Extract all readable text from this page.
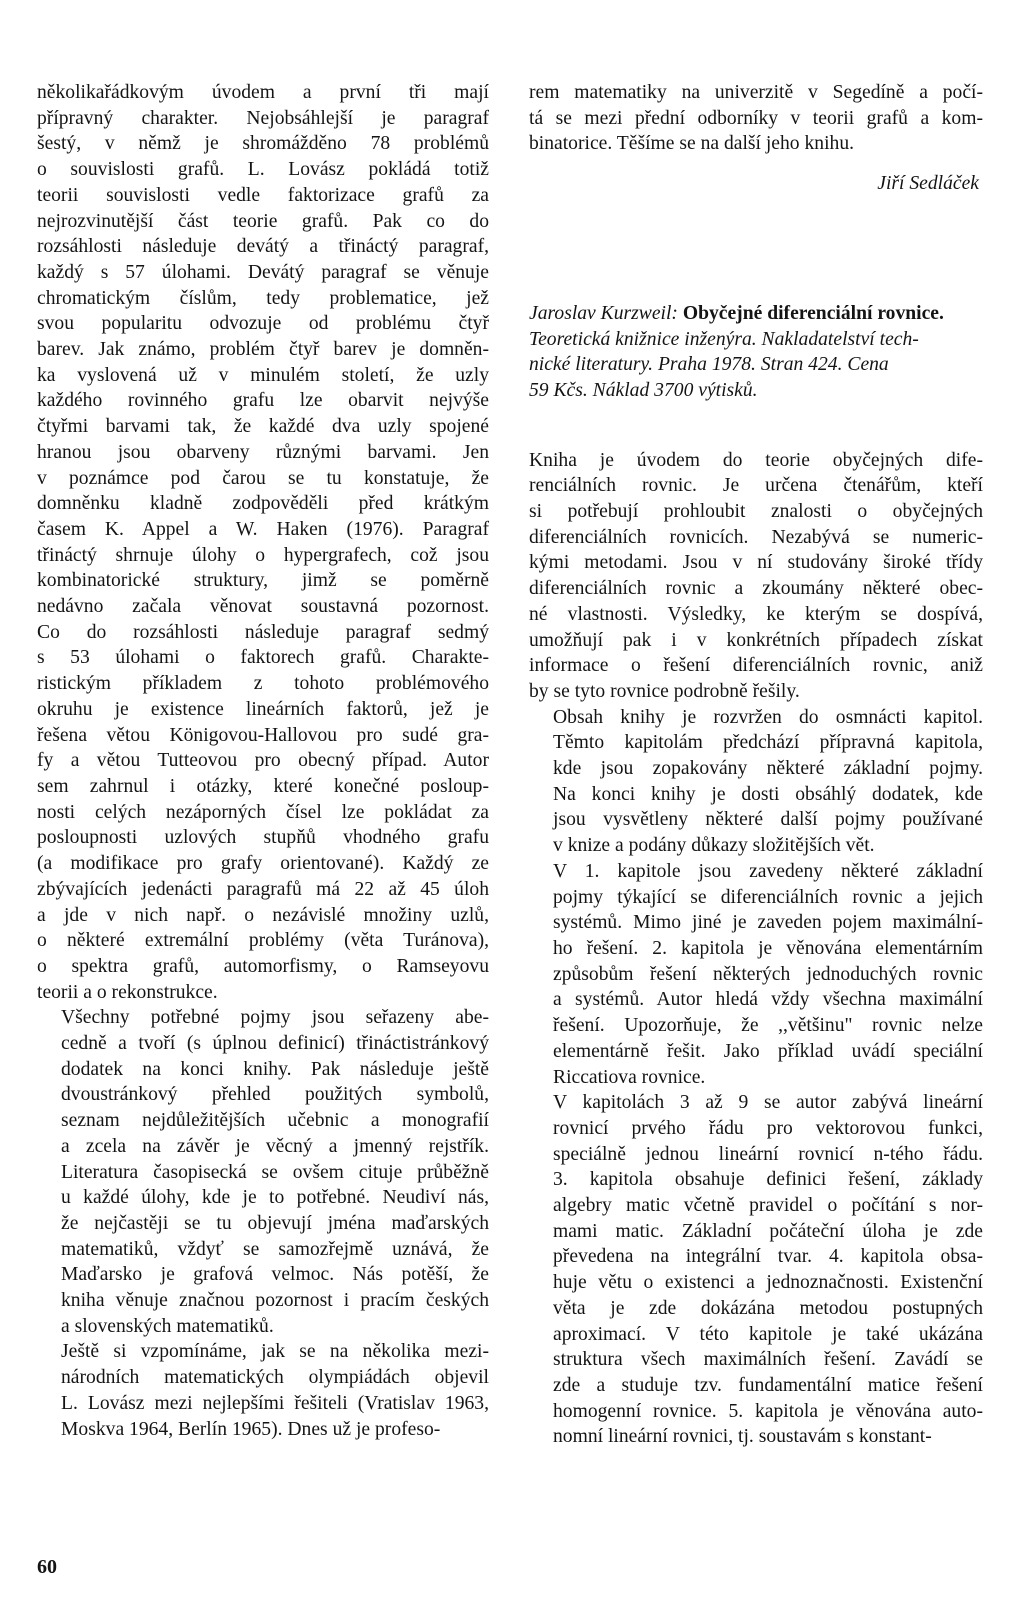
několikařádkovým úvodem a první tři mají
přípravný charakter. Nejobsáhlejší je paragraf
šestý, v němž je shromážděno 78 problémů
o souvislosti grafů. L. Lovász pokládá totiž
teorii souvislosti vedle faktorizace grafů za
nejrozvinutější část teorie grafů. Pak co do
rozsáhlosti následuje devátý a třináctý paragraf,
každý s 57 úlohami. Devátý paragraf se věnuje
chromatickým číslům, tedy problematice, jež
svou popularitu odvozuje od problému čtyř
barev. Jak známo, problém čtyř barev je domněn-
ka vyslovená už v minulém století, že uzly
každého rovinného grafu lze obarvit nejvýše
čtyřmi barvami tak, že každé dva uzly spojené
hranou jsou obarveny různými barvami. Jen
v poznámce pod čarou se tu konstatuje, že
domněnku kladně zodpověděli před krátkým
časem K. Appel a W. Haken (1976). Paragraf
třináctý shrnuje úlohy o hypergrafech, což jsou
kombinatorické struktury, jimž se poměrně
nedávno začala věnovat soustavná pozornost.
Co do rozsáhlosti následuje paragraf sedmý
s 53 úlohami o faktorech grafů. Charakte-
ristickým příkladem z tohoto problémového
okruhu je existence lineárních faktorů, jež je
řešena větou Königovou-Hallovou pro sudé gra-
fy a větou Tutteovou pro obecný případ. Autor
sem zahrnul i otázky, které konečné posloup-
nosti celých nezáporných čísel lze pokládat za
posloupnosti uzlových stupňů vhodného grafu
(a modifikace pro grafy orientované). Každý ze
zbývajících jedenácti paragrafů má 22 až 45 úloh
a jde v nich např. o nezávislé množiny uzlů,
o některé extremální problémy (věta Turánova),
o spektra grafů, automorfismy, o Ramseyovu
teorii a o rekonstrukce.
Všechny potřebné pojmy jsou seřazeny abe-
cedně a tvoří (s úplnou definicí) třináctistránkový
dodatek na konci knihy. Pak následuje ještě
dvoustránkový přehled použitých symbolů,
seznam nejdůležitějších učebnic a monografií
a zcela na závěr je věcný a jmenný rejstřík.
Literatura časopisecká se ovšem cituje průběžně
u každé úlohy, kde je to potřebné. Neudiví nás,
že nejčastěji se tu objevují jména maďarských
matematiků, vždyť se samozřejmě uznává, že
Maďarsko je grafová velmoc. Nás potěší, že
kniha věnuje značnou pozornost i pracím českých
a slovenských matematiků.
Ještě si vzpomínáme, jak se na několika mezi-
národních matematických olympiádách objevil
L. Lovász mezi nejlepšími řešiteli (Vratislav 1963,
Moskva 1964, Berlín 1965). Dnes už je profeso-
rem matematiky na univerzitě v Segedíně a počí-
tá se mezi přední odborníky v teorii grafů a kom-
binatorice. Těšíme se na další jeho knihu.
Jiří Sedláček
Jaroslav Kurzweil: Obyčejné diferenciální rovnice.
Teoretická knižnice inženýra. Nakladatelství tech-
nické literatury. Praha 1978. Stran 424. Cena
59 Kčs. Náklad 3700 výtisků.
Kniha je úvodem do teorie obyčejných dife-
renciálních rovnic. Je určena čtenářům, kteří
si potřebují prohloubit znalosti o obyčejných
diferenciálních rovnicích. Nezabývá se numeric-
kými metodami. Jsou v ní studovány široké třídy
diferenciálních rovnic a zkoumány některé obec-
né vlastnosti. Výsledky, ke kterým se dospívá,
umožňují pak i v konkrétních případech získat
informace o řešení diferenciálních rovnic, aniž
by se tyto rovnice podrobně řešily.
Obsah knihy je rozvržen do osmnácti kapitol.
Těmto kapitolám předchází přípravná kapitola,
kde jsou zopakovány některé základní pojmy.
Na konci knihy je dosti obsáhlý dodatek, kde
jsou vysvětleny některé další pojmy používané
v knize a podány důkazy složitějších vět.
V 1. kapitole jsou zavedeny některé základní
pojmy týkající se diferenciálních rovnic a jejich
systémů. Mimo jiné je zaveden pojem maximální-
ho řešení. 2. kapitola je věnována elementárním
způsobům řešení některých jednoduchých rovnic
a systémů. Autor hledá vždy všechna maximální
řešení. Upozorňuje, že ,,většinu" rovnic nelze
elementárně řešit. Jako příklad uvádí speciální
Riccatiova rovnice.
V kapitolách 3 až 9 se autor zabývá lineární
rovnicí prvého řádu pro vektorovou funkci,
speciálně jednou lineární rovnicí n-tého řádu.
3. kapitola obsahuje definici řešení, základy
algebry matic včetně pravidel o počítání s nor-
mami matic. Základní počáteční úloha je zde
převedena na integrální tvar. 4. kapitola obsa-
huje větu o existenci a jednoznačnosti. Existenční
věta je zde dokázána metodou postupných
aproximací. V této kapitole je také ukázána
struktura všech maximálních řešení. Zavádí se
zde a studuje tzv. fundamentální matice řešení
homogenní rovnice. 5. kapitola je věnována auto-
nomní lineární rovnici, tj. soustavám s konstant-
60
